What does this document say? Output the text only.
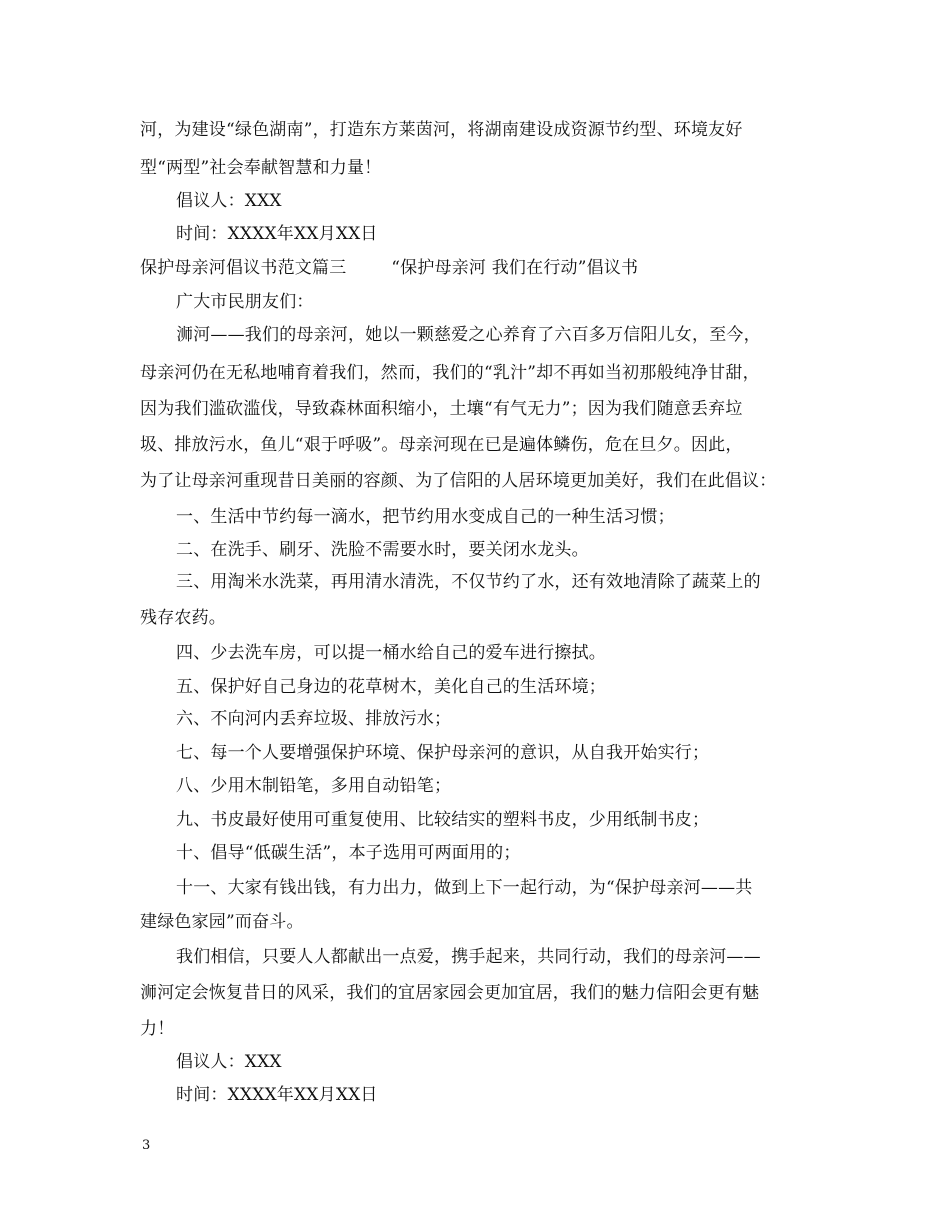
河，为建设“绿色湖南”，打造东方莱茵河，将湖南建设成资源节约型、环境友好
型“两型”社会奉献智慧和力量！
倡议人：XXX
时间：XXXX年XX月XX日
保护母亲河倡议书范文篇三        “保护母亲河 我们在行动”倡议书
广大市民朋友们：
浉河——我们的母亲河，她以一颗慈爱之心养育了六百多万信阳儿女，至今，
母亲河仍在无私地哺育着我们，然而，我们的“乳汁”却不再如当初那般纯净甘甜，
因为我们滥砍滥伐，导致森林面积缩小，土壤“有气无力”；因为我们随意丢弃垃
圾、排放污水，鱼儿“艰于呼吸”。母亲河现在已是遍体鳞伤，危在旦夕。因此，
为了让母亲河重现昔日美丽的容颜、为了信阳的人居环境更加美好，我们在此倡议：
一、生活中节约每一滴水，把节约用水变成自己的一种生活习惯；
二、在洗手、刷牙、洗脸不需要水时，要关闭水龙头。
三、用淘米水洗菜，再用清水清洗，不仅节约了水，还有效地清除了蔬菜上的
残存农药。
四、少去洗车房，可以提一桶水给自己的爱车进行擦拭。
五、保护好自己身边的花草树木，美化自己的生活环境；
六、不向河内丢弃垃圾、排放污水；
七、每一个人要增强保护环境、保护母亲河的意识，从自我开始实行；
八、少用木制铅笔，多用自动铅笔；
九、书皮最好使用可重复使用、比较结实的塑料书皮，少用纸制书皮；
十、倡导“低碳生活”，本子选用可两面用的；
十一、大家有钱出钱，有力出力，做到上下一起行动，为“保护母亲河——共
建绿色家园”而奋斗。
我们相信，只要人人都献出一点爱，携手起来，共同行动，我们的母亲河——
浉河定会恢复昔日的风采，我们的宜居家园会更加宜居，我们的魅力信阳会更有魅
力！
倡议人：XXX
时间：XXXX年XX月XX日
3
